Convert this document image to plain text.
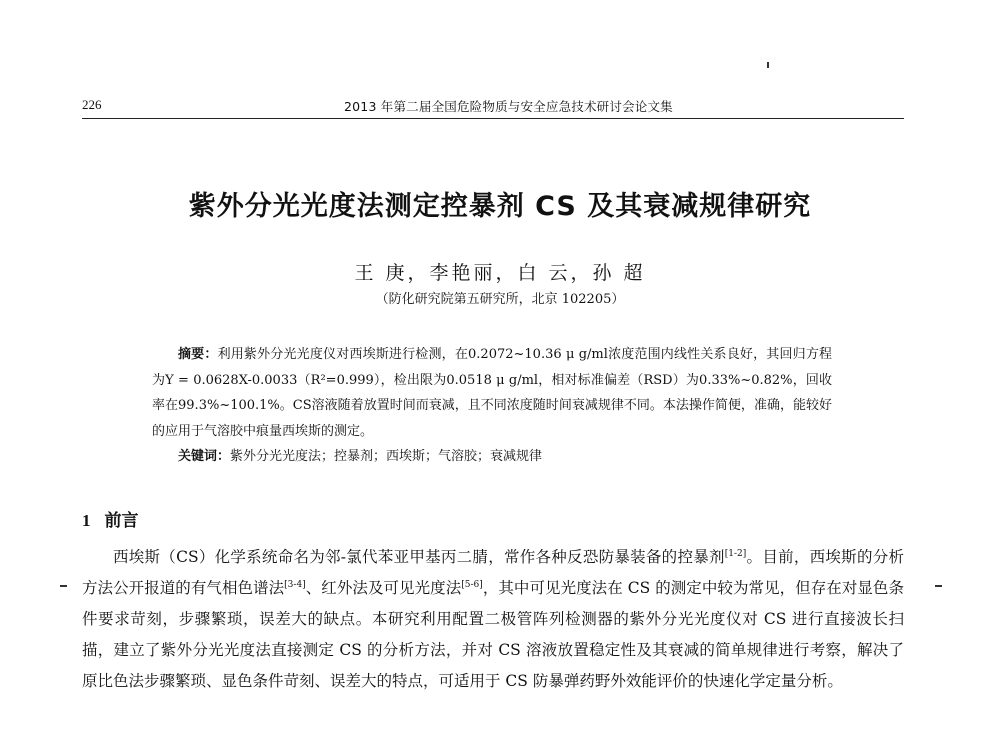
226	2013 年第二届全国危险物质与安全应急技术研讨会论文集
紫外分光光度法测定控暴剂 CS 及其衰减规律研究
王 庚，李艳丽，白 云，孙 超
（防化研究院第五研究所，北京 102205）

摘要：利用紫外分光光度仪对西埃斯进行检测，在0.2072~10.36 μ g/ml浓度范围内线性关系良好，其回归方程为Y = 0.0628X-0.0033（R²=0.999），检出限为0.0518 μ g/ml，相对标准偏差（RSD）为0.33%~0.82%，回收率在99.3%~100.1%。CS溶液随着放置时间而衰减，且不同浓度随时间衰减规律不同。本法操作简便，准确，能较好的应用于气溶胶中痕量西埃斯的测定。

关键词：紫外分光光度法；控暴剂；西埃斯；气溶胶；衰减规律

1 前言

西埃斯（CS）化学系统命名为邻-氯代苯亚甲基丙二腈，常作各种反恐防暴装备的控暴剂[1-2]。目前，西埃斯的分析方法公开报道的有气相色谱法[3-4]、红外法及可见光度法[5-6]，其中可见光度法在 CS 的测定中较为常见，但存在对显色条件要求苛刻，步骤繁琐，误差大的缺点。本研究利用配置二极管阵列检测器的紫外分光光度仪对 CS 进行直接波长扫描，建立了紫外分光光度法直接测定 CS 的分析方法，并对 CS 溶液放置稳定性及其衰减的简单规律进行考察，解决了原比色法步骤繁琐、显色条件苛刻、误差大的特点，可适用于 CS 防暴弹药野外效能评价的快速化学定量分析。
